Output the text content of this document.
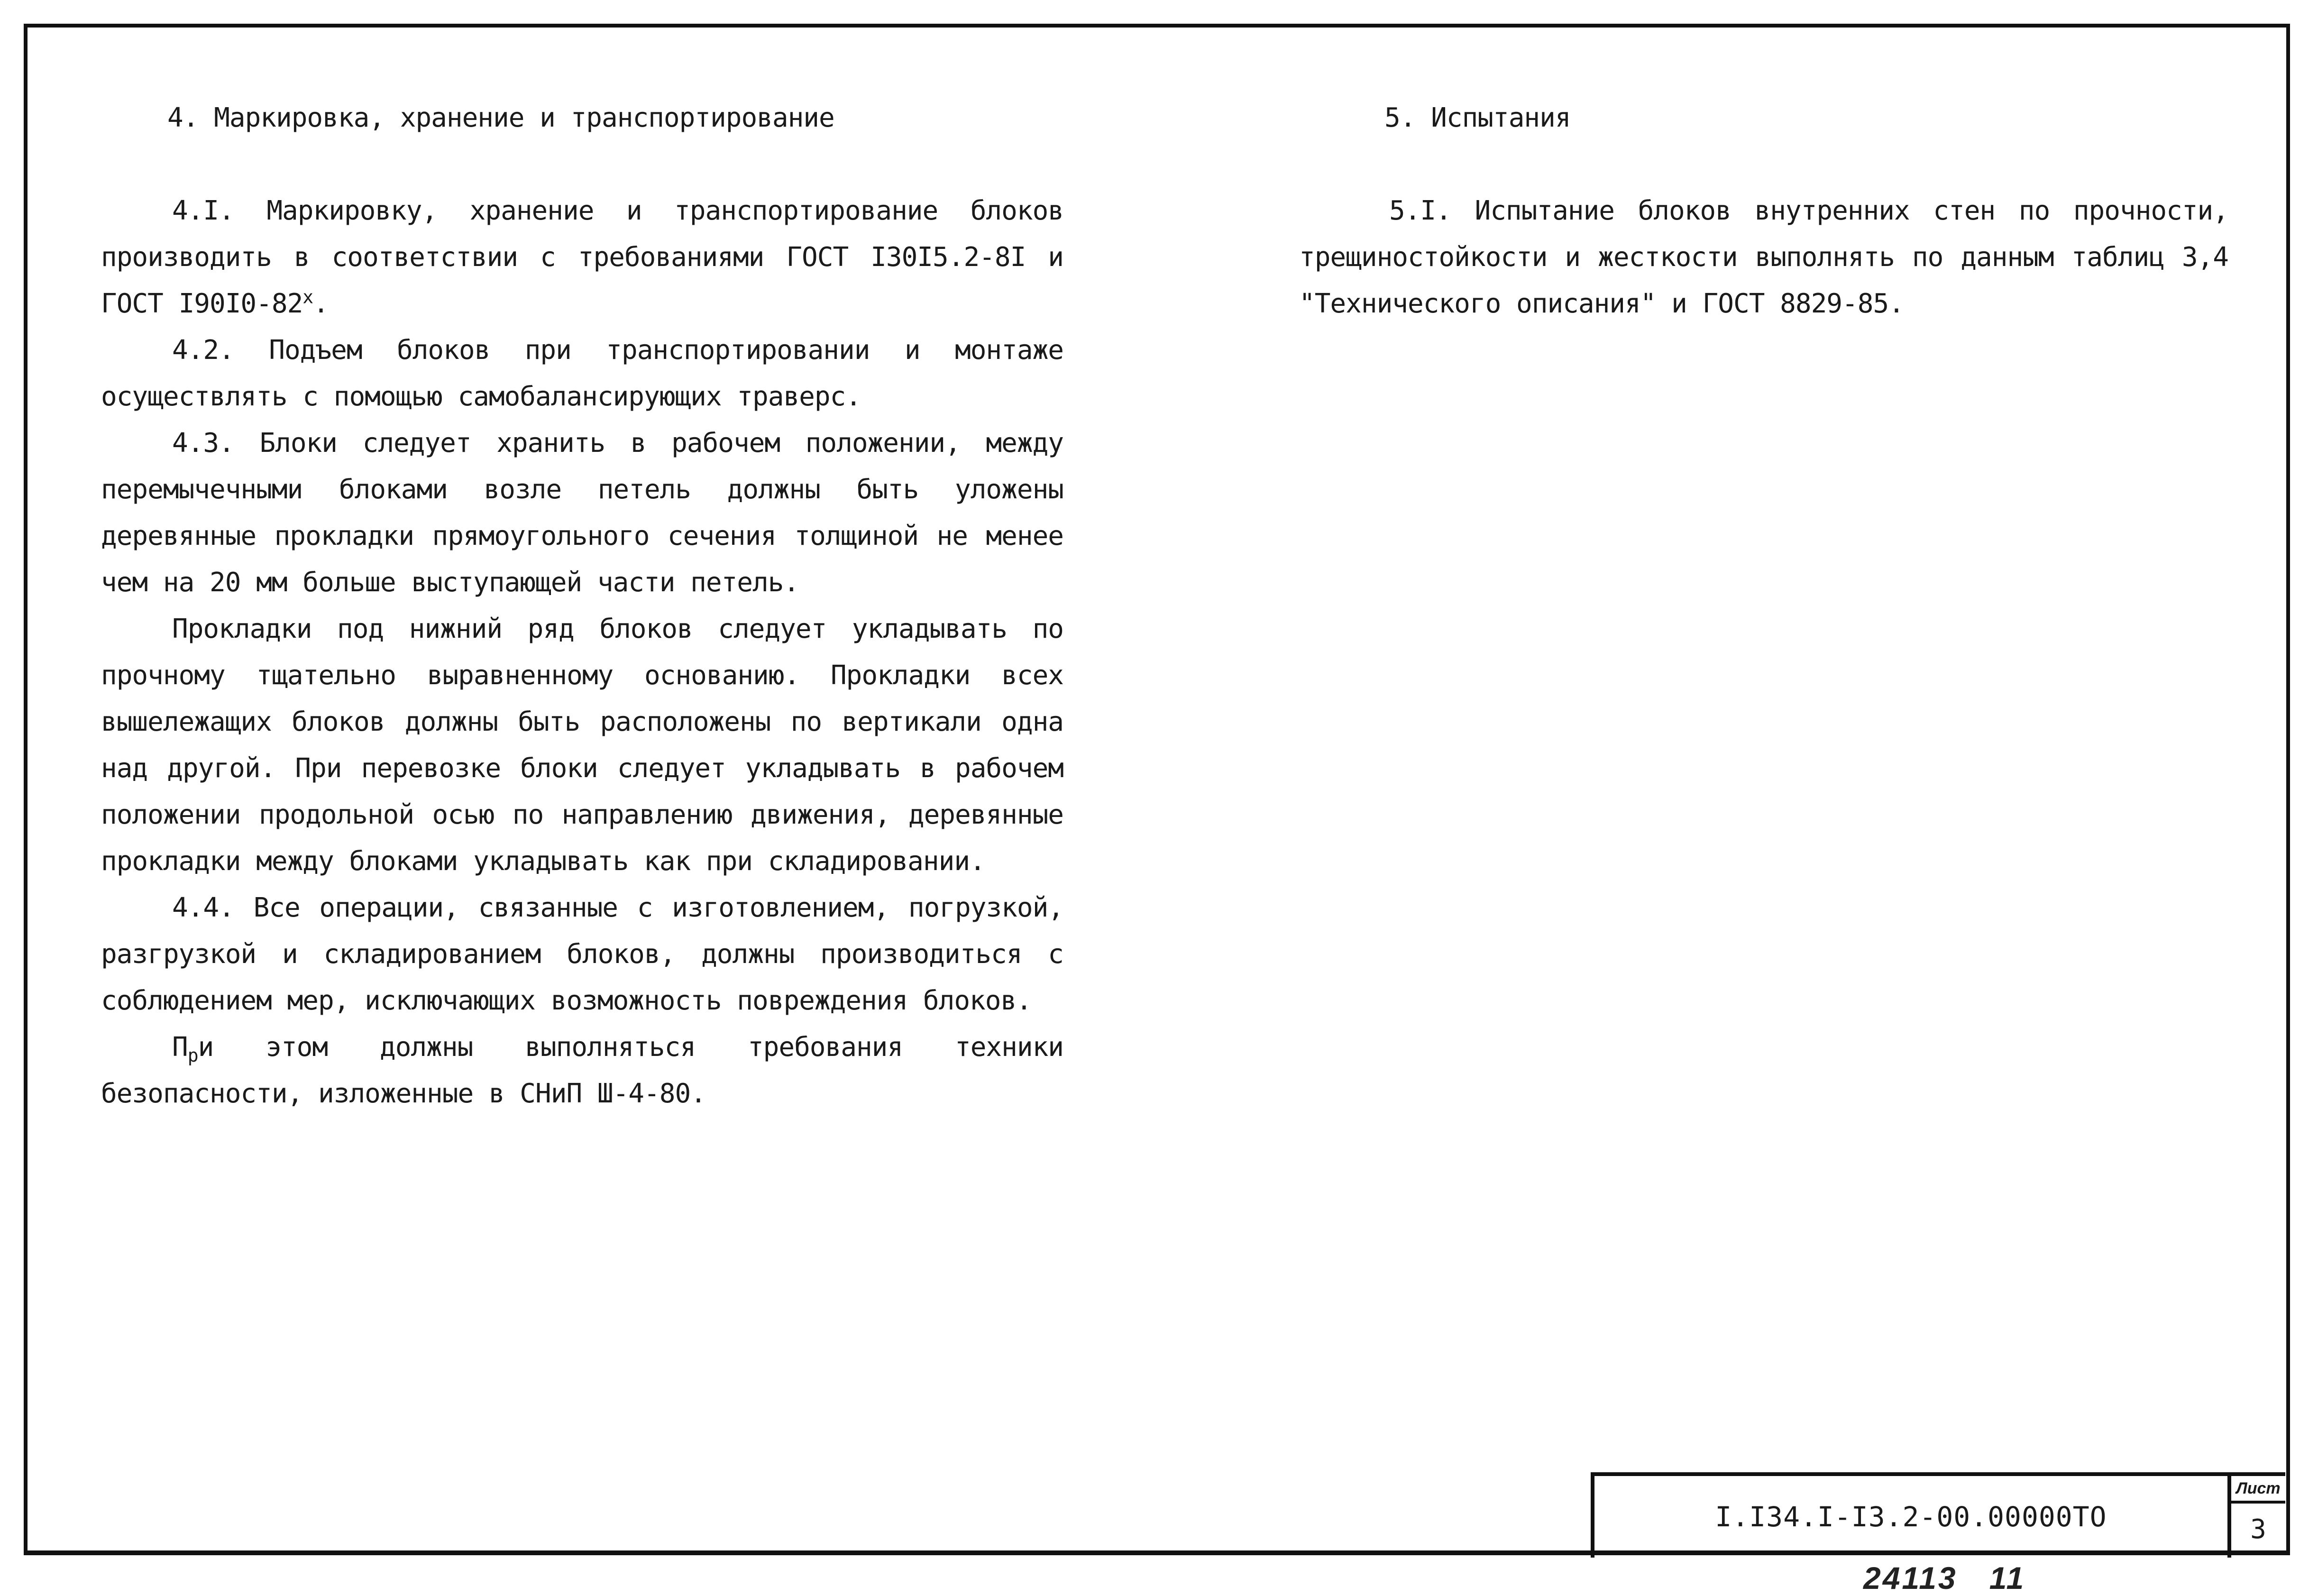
4. Маркировка, хранение и транспортирование

4.I. Маркировку, хранение и транспортирование блоков производить в соответствии с требованиями ГОСТ I30I5.2-8I и ГОСТ I90I0-82$^x$.

4.2. Подъем блоков при транспортировании и монтаже осуществлять с помощью самобалансирующих траверс.

4.3. Блоки следует хранить в рабочем положении, между перемычечными блоками возле петель должны быть уложены деревянные прокладки прямоугольного сечения толщиной не менее чем на 20 мм больше выступающей части петель.

Прокладки под нижний ряд блоков следует укладывать по прочному тщательно выравненному основанию. Прокладки всех вышележащих блоков должны быть расположены по вертикали одна над другой. При перевозке блоки следует укладывать в рабочем положении продольной осью по направлению движения, деревянные прокладки между блоками укладывать как при складировании.

4.4. Все операции, связанные с изготовлением, погрузкой, разгрузкой и складированием блоков, должны производиться с соблюдением мер, исключающих возможность повреждения блоков.

$П_ри$ этом должны выполняться требования техники безопасности, изложенные в СНиП Ш-4-80.

5. Испытания

5.I. Испытание блоков внутренних стен по прочности, трещиностойкости и жесткости выполнять по данным таблиц 3,4 "Технического описания" и ГОСТ 8829-85.

I.I34.I-I3.2-00.00000ТО
Лист
3
24113   11
